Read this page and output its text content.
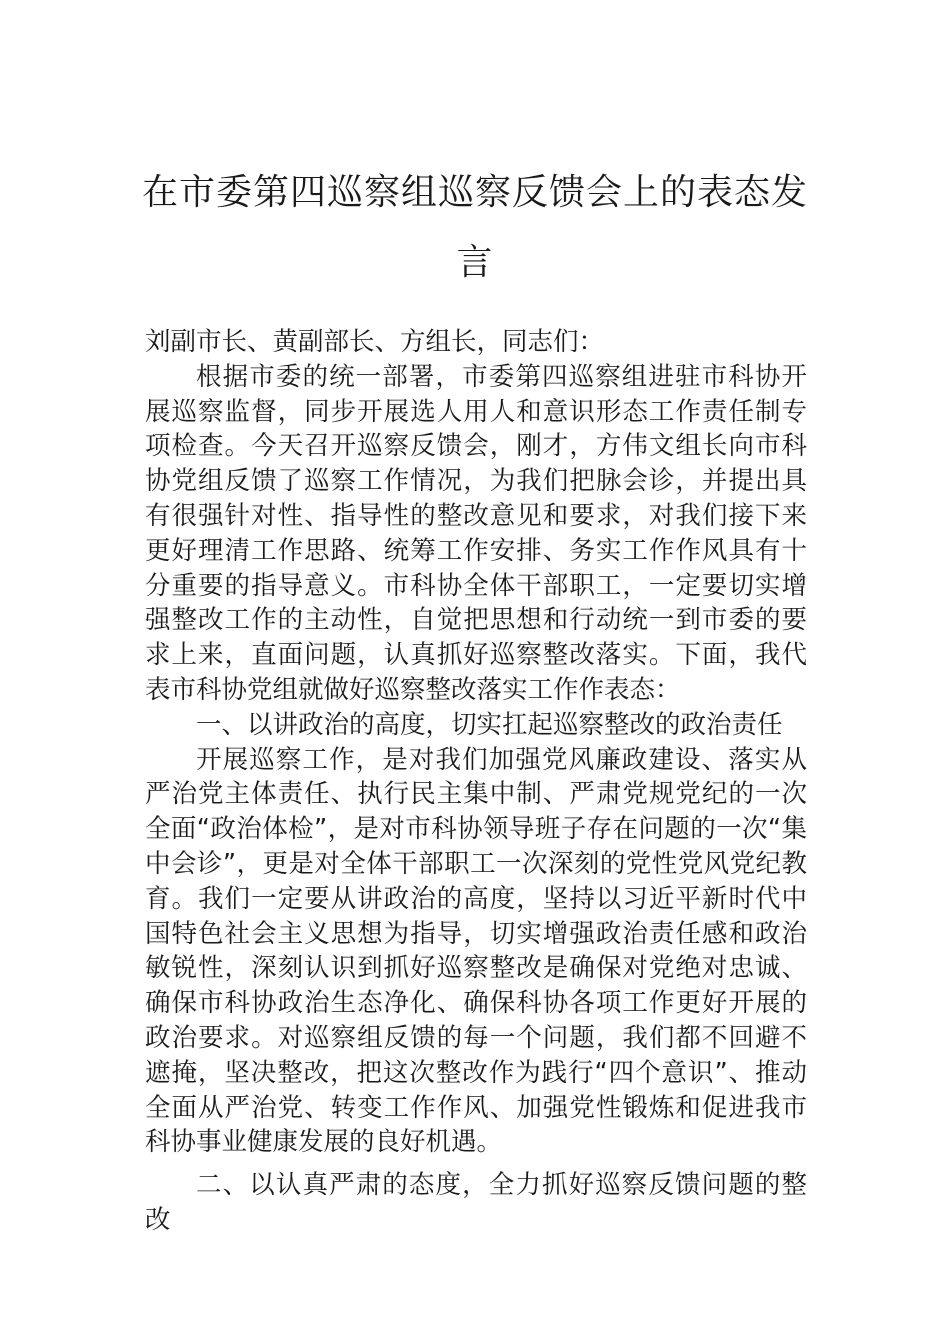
在市委第四巡察组巡察反馈会上的表态发言

刘副市长、黄副部长、方组长，同志们：

根据市委的统一部署，市委第四巡察组进驻市科协开展巡察监督，同步开展选人用人和意识形态工作责任制专项检查。今天召开巡察反馈会，刚才，方伟文组长向市科协党组反馈了巡察工作情况，为我们把脉会诊，并提出具有很强针对性、指导性的整改意见和要求，对我们接下来更好理清工作思路、统筹工作安排、务实工作作风具有十分重要的指导意义。市科协全体干部职工，一定要切实增强整改工作的主动性，自觉把思想和行动统一到市委的要求上来，直面问题，认真抓好巡察整改落实。下面，我代表市科协党组就做好巡察整改落实工作作表态：

一、以讲政治的高度，切实扛起巡察整改的政治责任

开展巡察工作，是对我们加强党风廉政建设、落实从严治党主体责任、执行民主集中制、严肃党规党纪的一次全面“政治体检”，是对市科协领导班子存在问题的一次“集中会诊”，更是对全体干部职工一次深刻的党性党风党纪教育。我们一定要从讲政治的高度，坚持以习近平新时代中国特色社会主义思想为指导，切实增强政治责任感和政治敏锐性，深刻认识到抓好巡察整改是确保对党绝对忠诚、确保市科协政治生态净化、确保科协各项工作更好开展的政治要求。对巡察组反馈的每一个问题，我们都不回避不遮掩，坚决整改，把这次整改作为践行“四个意识”、推动全面从严治党、转变工作作风、加强党性锻炼和促进我市科协事业健康发展的良好机遇。

二、以认真严肃的态度，全力抓好巡察反馈问题的整改
